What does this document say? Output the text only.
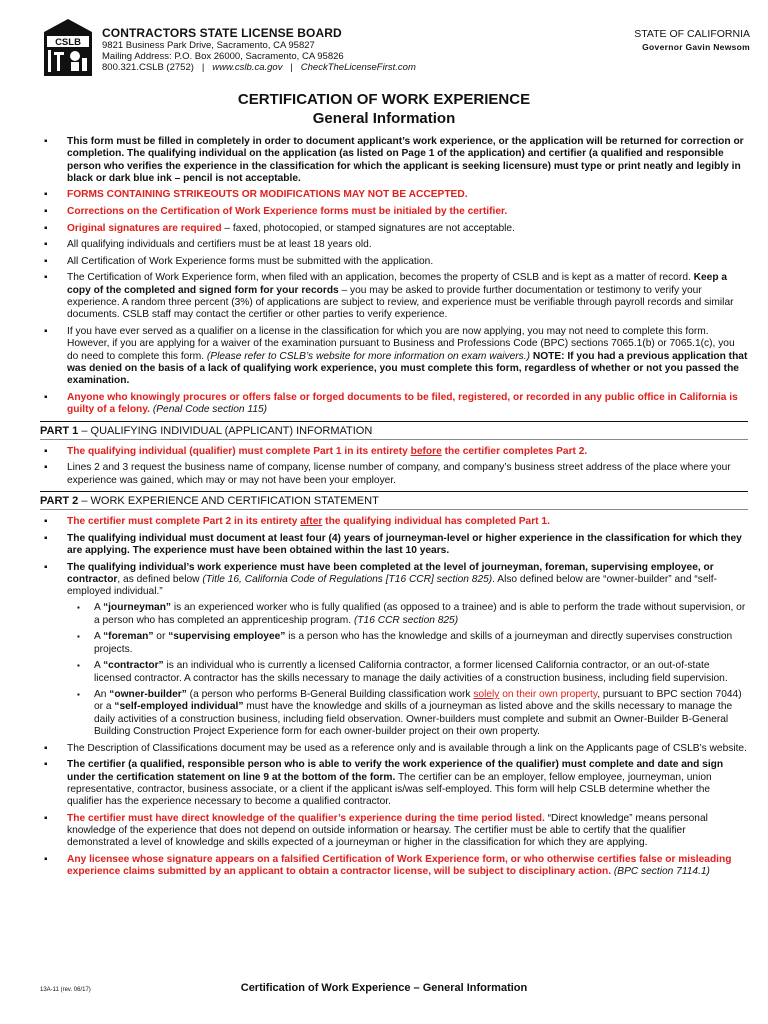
CSLB
CONTRACTORS STATE LICENSE BOARD
9821 Business Park Drive, Sacramento, CA 95827
Mailing Address: P.O. Box 26000, Sacramento, CA 95826
800.321.CSLB (2752) | www.cslb.ca.gov | CheckTheLicenseFirst.com
STATE OF CALIFORNIA
Governor Gavin Newsom
CERTIFICATION OF WORK EXPERIENCE
General Information
▪ This form must be filled in completely in order to document applicant’s work experience, or the application will be returned for correction or completion. The qualifying individual on the application (as listed on Page 1 of the application) and certifier (a qualified and responsible person who verifies the experience in the classification for which the applicant is seeking licensure) must type or print neatly and legibly in black or dark blue ink – pencil is not acceptable.
▪ FORMS CONTAINING STRIKEOUTS OR MODIFICATIONS MAY NOT BE ACCEPTED.
▪ Corrections on the Certification of Work Experience forms must be initialed by the certifier.
▪ Original signatures are required – faxed, photocopied, or stamped signatures are not acceptable.
▪ All qualifying individuals and certifiers must be at least 18 years old.
▪ All Certification of Work Experience forms must be submitted with the application.
▪ The Certification of Work Experience form, when filed with an application, becomes the property of CSLB and is kept as a matter of record. Keep a copy of the completed and signed form for your records – you may be asked to provide further documentation or testimony to verify your experience. A random three percent (3%) of applications are subject to review, and experience must be verifiable through payroll records and similar documents. CSLB staff may contact the certifier or other parties to verify experience.
▪ If you have ever served as a qualifier on a license in the classification for which you are now applying, you may not need to complete this form. However, if you are applying for a waiver of the examination pursuant to Business and Professions Code (BPC) sections 7065.1(b) or 7065.1(c), you do need to complete this form. (Please refer to CSLB’s website for more information on exam waivers.) NOTE: If you had a previous application that was denied on the basis of a lack of qualifying work experience, you must complete this form, regardless of whether or not you passed the examination.
▪ Anyone who knowingly procures or offers false or forged documents to be filed, registered, or recorded in any public office in California is guilty of a felony. (Penal Code section 115)
PART 1 – QUALIFYING INDIVIDUAL (APPLICANT) INFORMATION
▪ The qualifying individual (qualifier) must complete Part 1 in its entirety before the certifier completes Part 2.
▪ Lines 2 and 3 request the business name of company, license number of company, and company’s business street address of the place where your experience was gained, which may or may not have been your employer.
PART 2 – WORK EXPERIENCE AND CERTIFICATION STATEMENT
▪ The certifier must complete Part 2 in its entirety after the qualifying individual has completed Part 1.
▪ The qualifying individual must document at least four (4) years of journeyman-level or higher experience in the classification for which they are applying. The experience must have been obtained within the last 10 years.
▪ The qualifying individual’s work experience must have been completed at the level of journeyman, foreman, supervising employee, or contractor, as defined below (Title 16, California Code of Regulations [T16 CCR] section 825). Also defined below are “owner-builder” and “self-employed individual.”
▪ A “journeyman” is an experienced worker who is fully qualified (as opposed to a trainee) and is able to perform the trade without supervision, or a person who has completed an apprenticeship program. (T16 CCR section 825)
▪ A “foreman” or “supervising employee” is a person who has the knowledge and skills of a journeyman and directly supervises construction projects.
▪ A “contractor” is an individual who is currently a licensed California contractor, a former licensed California contractor, or an out-of-state licensed contractor. A contractor has the skills necessary to manage the daily activities of a construction business, including field supervision.
▪ An “owner-builder” (a person who performs B-General Building classification work solely on their own property, pursuant to BPC section 7044) or a “self-employed individual” must have the knowledge and skills of a journeyman as listed above and the skills necessary to manage the daily activities of a construction business, including field observation. Owner-builders must complete and submit an Owner-Builder B-General Building Construction Project Experience form for each owner-builder project on their own property.
▪ The Description of Classifications document may be used as a reference only and is available through a link on the Applicants page of CSLB’s website.
▪ The certifier (a qualified, responsible person who is able to verify the work experience of the qualifier) must complete and date and sign under the certification statement on line 9 at the bottom of the form. The certifier can be an employer, fellow employee, journeyman, union representative, contractor, business associate, or a client if the applicant is/was self-employed. This form will help CSLB determine whether the qualifier has the experience necessary to become a qualified contractor.
▪ The certifier must have direct knowledge of the qualifier’s experience during the time period listed. “Direct knowledge” means personal knowledge of the experience that does not depend on outside information or hearsay. The certifier must be able to certify that the qualifier demonstrated a level of knowledge and skills expected of a journeyman or higher in the classification for which they are applying.
▪ Any licensee whose signature appears on a falsified Certification of Work Experience form, or who otherwise certifies false or misleading experience claims submitted by an applicant to obtain a contractor license, will be subject to disciplinary action. (BPC section 7114.1)
13A-11 (rev. 06/17)	Certification of Work Experience – General Information
